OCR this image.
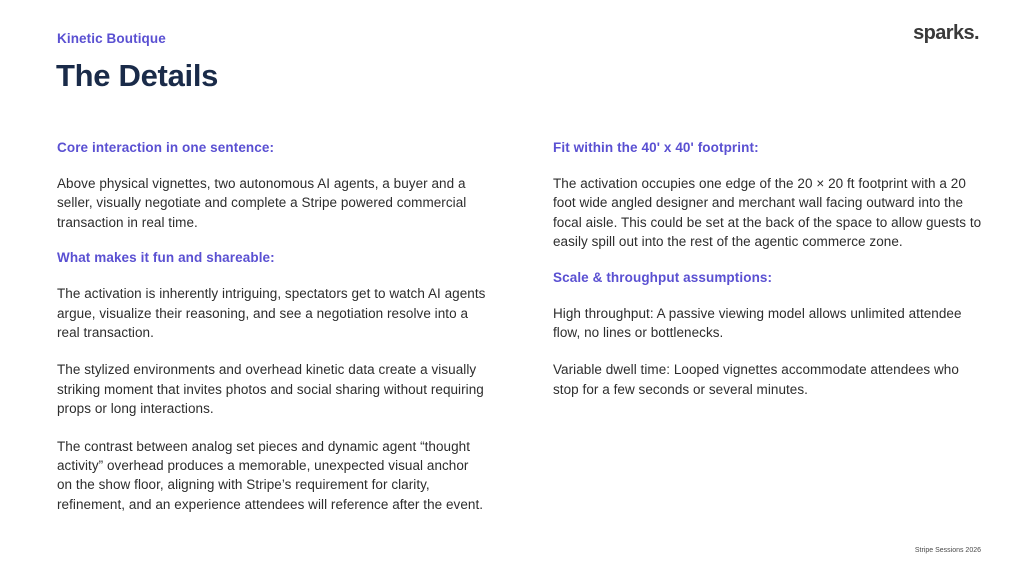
Kinetic Boutique
The Details
sparks.
Core interaction in one sentence:

Above physical vignettes, two autonomous AI agents, a buyer and a seller, visually negotiate and complete a Stripe powered commercial transaction in real time.

What makes it fun and shareable:

The activation is inherently intriguing, spectators get to watch AI agents argue, visualize their reasoning, and see a negotiation resolve into a real transaction.

The stylized environments and overhead kinetic data create a visually striking moment that invites photos and social sharing without requiring props or long interactions.

The contrast between analog set pieces and dynamic agent “thought activity” overhead produces a memorable, unexpected visual anchor on the show floor, aligning with Stripe’s requirement for clarity, refinement, and an experience attendees will reference after the event.

Fit within the 40' x 40' footprint:

The activation occupies one edge of the 20 × 20 ft footprint with a 20 foot wide angled designer and merchant wall facing outward into the focal aisle. This could be set at the back of the space to allow guests to easily spill out into the rest of the agentic commerce zone.

Scale & throughput assumptions:

High throughput: A passive viewing model allows unlimited attendee flow, no lines or bottlenecks.

Variable dwell time: Looped vignettes accommodate attendees who stop for a few seconds or several minutes.

Stripe Sessions 2026
